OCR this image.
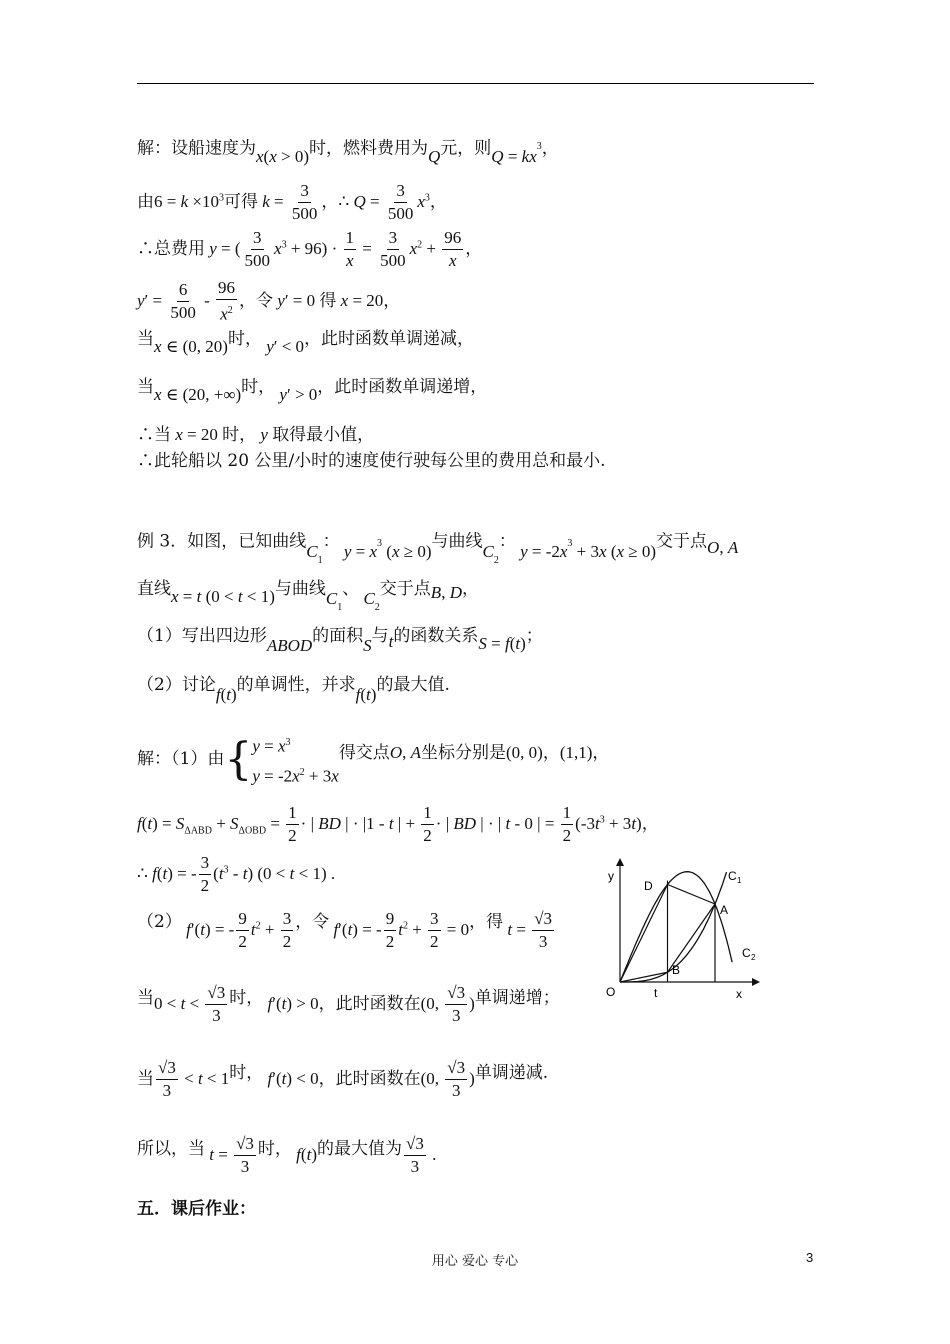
解：设船速度为x(x > 0)时，燃料费用为Q元，则$Q = kx^3$，
由$6 = k \times 10^3$可得 $k = \frac{3}{500}$ ，∴ $Q = \frac{3}{500} x^3$，
∴总费用 y = ( $\frac{3}{500} x^3 + 96) \cdot \frac{1}{x} = \frac{3}{500} x^2 + \frac{96}{x}$ ，
$y' = \frac{6}{500} - \frac{96}{x^2}$ ，令 y′ = 0 得 x = 20，
当x ∈ (0, 20)时， y′ < 0，此时函数单调递减，
当x ∈ (20, +∞)时， y′ > 0，此时函数单调递增，
∴当 x = 20 时， y 取得最小值，
∴此轮船以 20 公里/小时的速度使行驶每公里的费用总和最小.
例 3．如图，已知曲线$C_1$： $y = x^3$ (x ≥ 0)与曲线$C_2$： $y = -2x^3 + 3x$ (x ≥ 0)交于点O, A
直线x = t (0 < t < 1)与曲线$C_1$、 $C_2$交于点B, D，
（1）写出四边形ABOD的面积S与t的函数关系S = f(t)；
（2）讨论f(t)的单调性，并求f(t)的最大值.
解：（1）由{ $y = x^3$
$y = -2x^2 + 3x$
得交点O, A坐标分别是(0, 0)，(1,1)，
$f(t) = S_{\Delta ABD} + S_{\Delta OBD} = \frac{1}{2}$ · | BD | · |1 - t | + $\frac{1}{2}$ · | BD | · | t - 0 | = $\frac{1}{2} (-3t^3 + 3t)$，
∴ f(t) = - $\frac{3}{2} (t^3 - t) (0 < t < 1)$ .
（2） f′(t) = - $\frac{9}{2} t^2 + \frac{3}{2}$ ，令 f′(t) = - $\frac{9}{2} t^2 + \frac{3}{2} = 0$，得 $t = \frac{√3}{3}$
当$0 < t < \frac{√3}{3}$ 时， f′(t) > 0，此时函数在(0, $\frac{√3}{3}$ )单调递增；
当 $\frac{√3}{3} < t < 1$时， f′(t) < 0，此时函数在(0, $\frac{√3}{3}$ )单调递减.
所以，当 $t = \frac{√3}{3}$ 时， f(t)的最大值为 $\frac{√3}{3}$ .
五．课后作业：
y
x
O	t
D
A
B
C 1
C 2
用心 爱心 专心	3
